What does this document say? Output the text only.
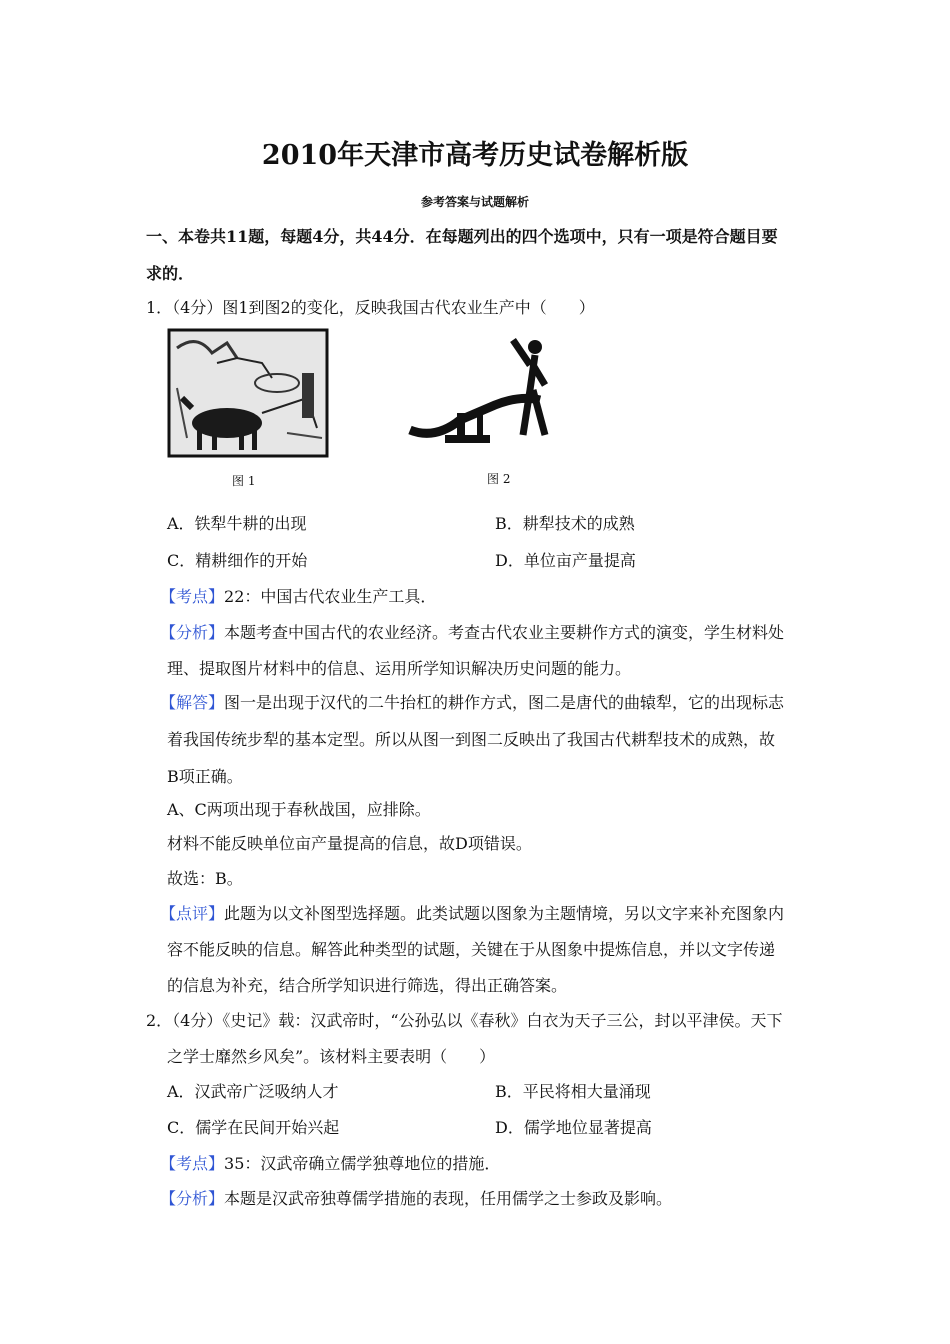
2010年天津市高考历史试卷解析版
参考答案与试题解析
一、本卷共11题，每题4分，共44分．在每题列出的四个选项中，只有一项是符合题目要
求的．
1．（4分）图1到图2的变化，反映我国古代农业生产中（　　）
图 1	图 2
A．铁犁牛耕的出现	B．耕犁技术的成熟
C．精耕细作的开始	D．单位亩产量提高
【考点】22：中国古代农业生产工具．
【分析】本题考查中国古代的农业经济。考查古代农业主要耕作方式的演变，学生材料处
理、提取图片材料中的信息、运用所学知识解决历史问题的能力。
【解答】图一是出现于汉代的二牛抬杠的耕作方式，图二是唐代的曲辕犁，它的出现标志
着我国传统步犁的基本定型。所以从图一到图二反映出了我国古代耕犁技术的成熟，故
B项正确。
A、C两项出现于春秋战国，应排除。
材料不能反映单位亩产量提高的信息，故D项错误。
故选：B。
【点评】此题为以文补图型选择题。此类试题以图象为主题情境，另以文字来补充图象内
容不能反映的信息。解答此种类型的试题，关键在于从图象中提炼信息，并以文字传递
的信息为补充，结合所学知识进行筛选，得出正确答案。
2．（4分）《史记》载：汉武帝时，“公孙弘以《春秋》白衣为天子三公，封以平津侯。天下
之学士靡然乡风矣”。该材料主要表明（　　）
A．汉武帝广泛吸纳人才	B．平民将相大量涌现
C．儒学在民间开始兴起	D．儒学地位显著提高
【考点】35：汉武帝确立儒学独尊地位的措施．
【分析】本题是汉武帝独尊儒学措施的表现，任用儒学之士参政及影响。
